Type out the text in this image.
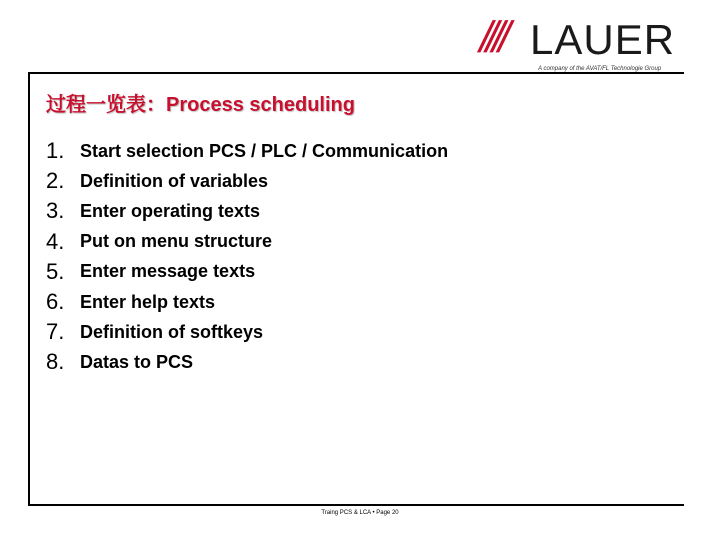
//// LAUER
A company of the AVAT/FL Technologie Group
过程一览表：Process scheduling
1. Start selection PCS / PLC / Communication
2. Definition of variables
3. Enter operating texts
4. Put on menu structure
5. Enter message texts
6. Enter help texts
7. Definition of softkeys
8. Datas to PCS
Traing PCS & LCA • Page 20
